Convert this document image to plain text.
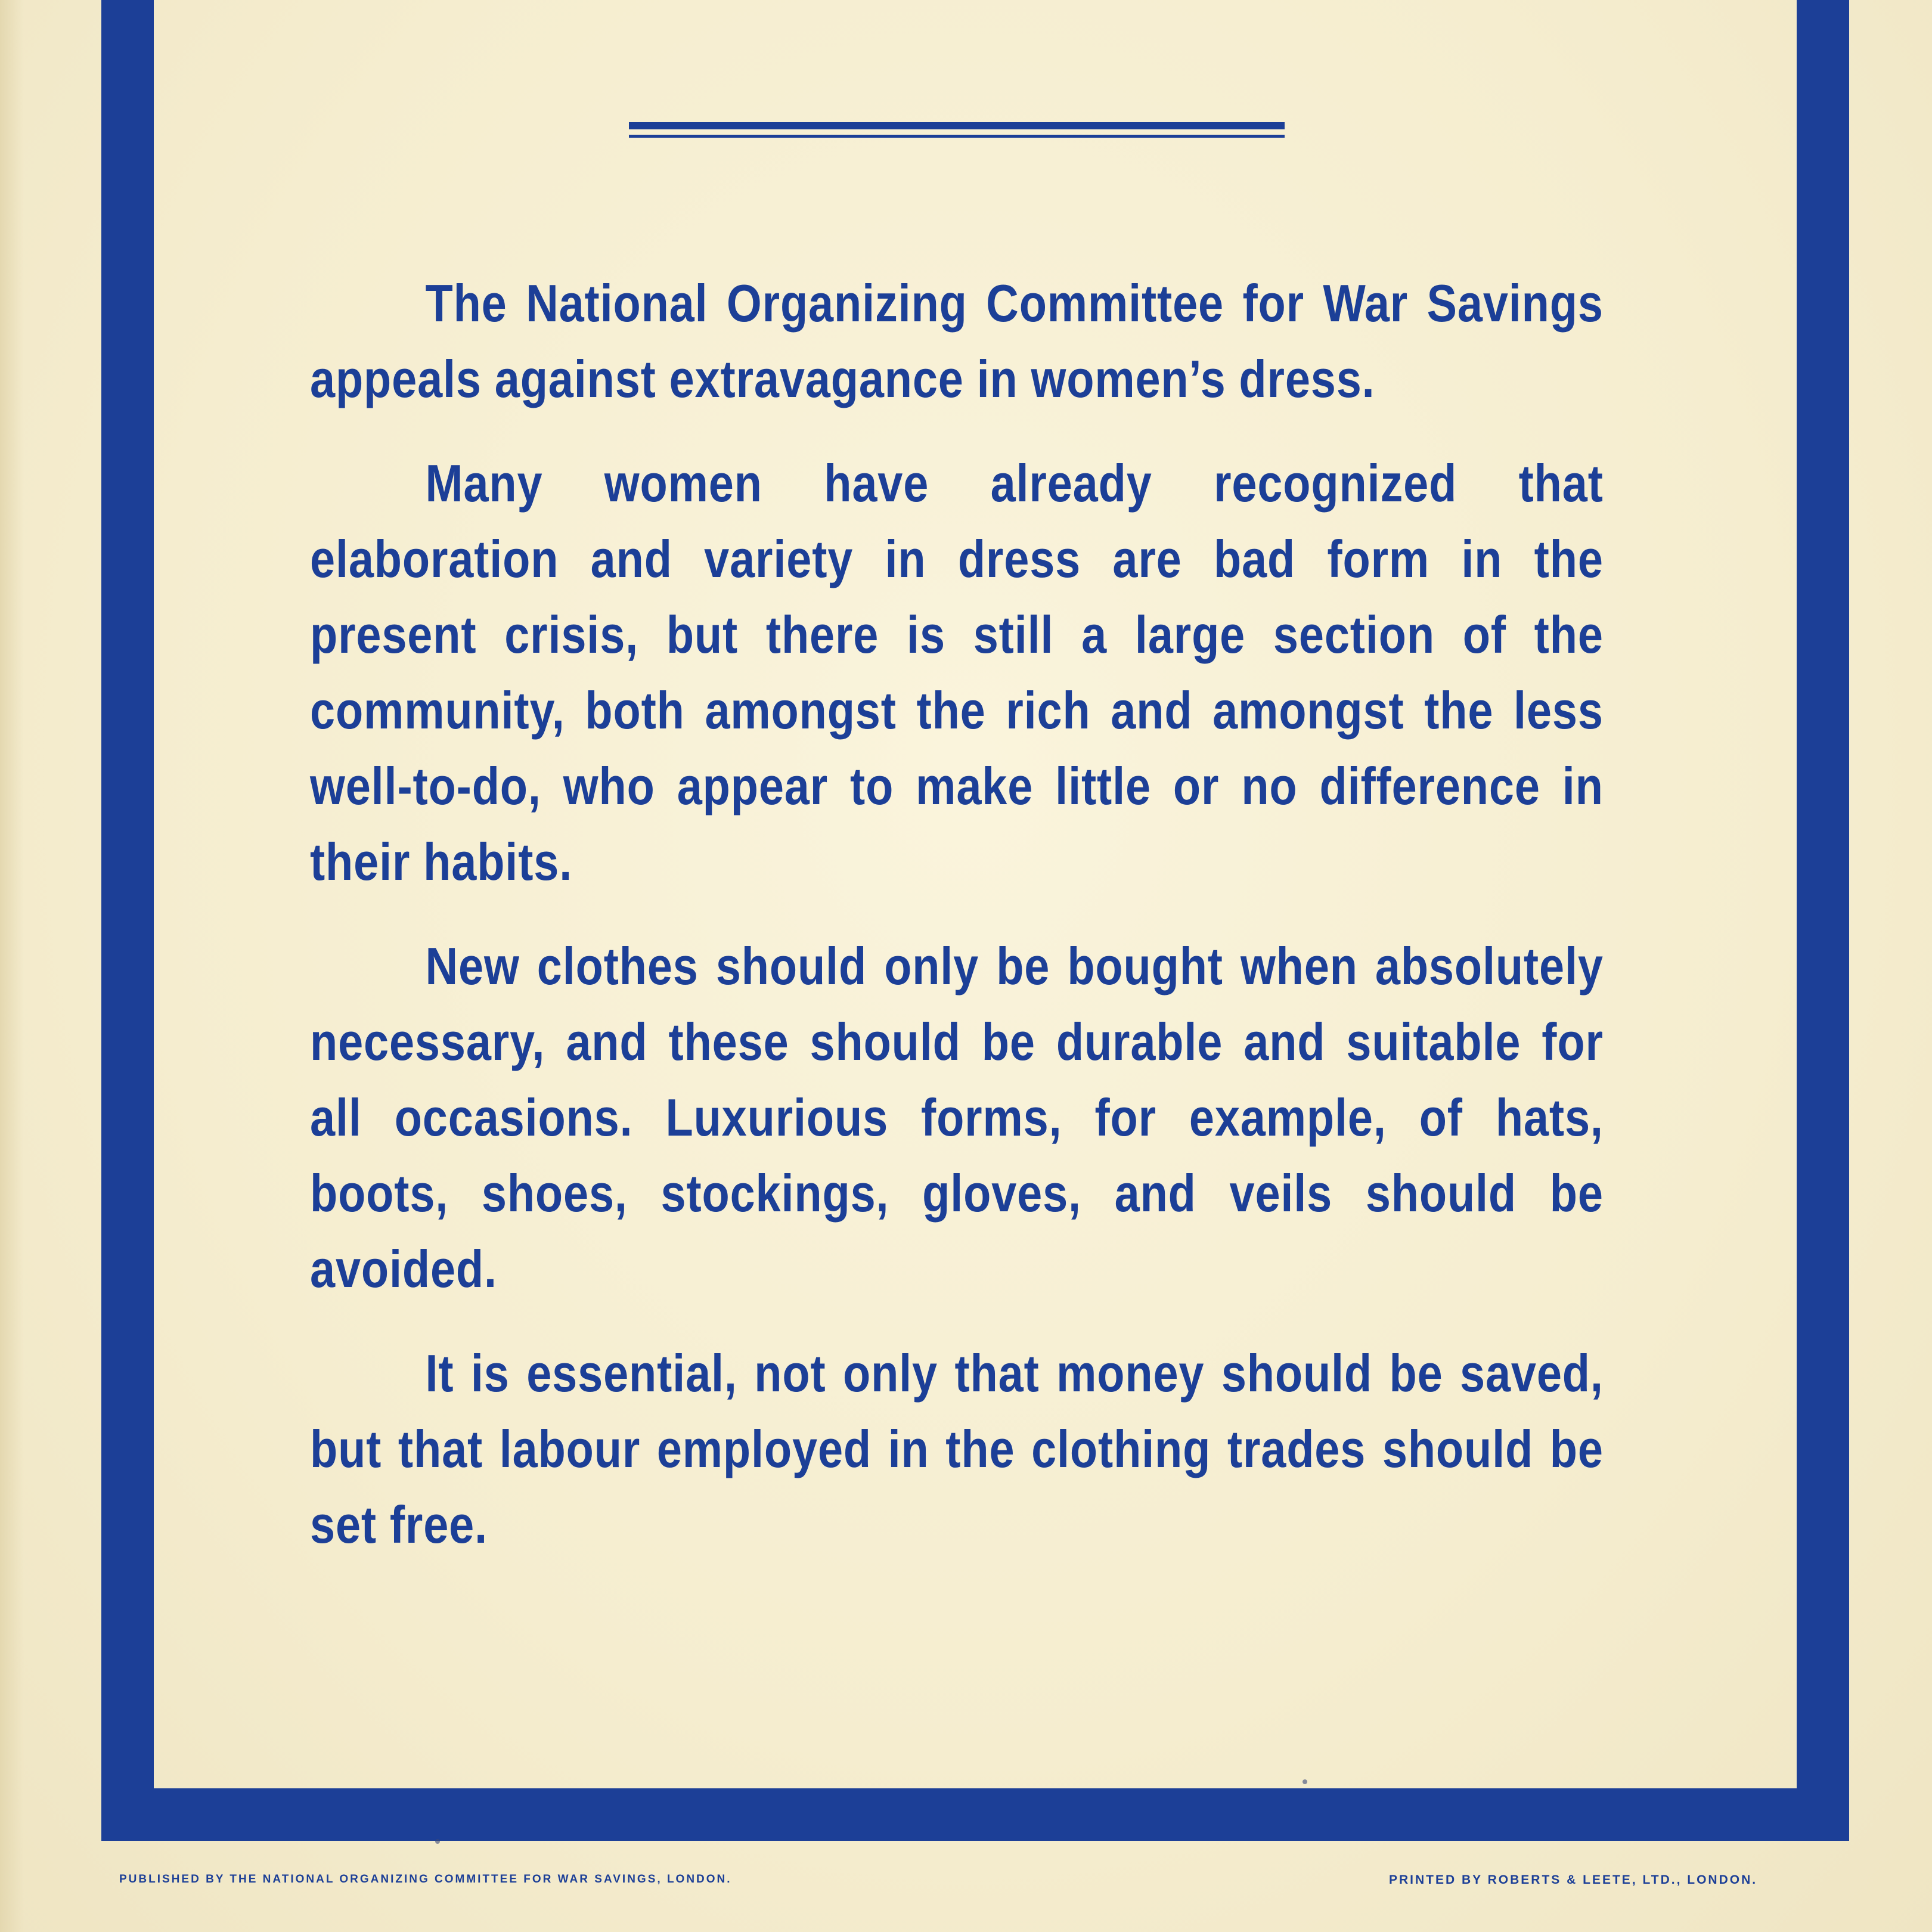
The National Organizing Committee for War Savings appeals against extravagance in women’s dress.

Many women have already recognized that elaboration and variety in dress are bad form in the present crisis, but there is still a large section of the community, both amongst the rich and amongst the less well-to-do, who appear to make little or no difference in their habits.

New clothes should only be bought when absolutely necessary, and these should be durable and suitable for all occasions. Luxurious forms, for example, of hats, boots, shoes, stockings, gloves, and veils should be avoided.

It is essential, not only that money should be saved, but that labour employed in the clothing trades should be set free.

PUBLISHED BY THE NATIONAL ORGANIZING COMMITTEE FOR WAR SAVINGS, LONDON.	PRINTED BY ROBERTS & LEETE, LTD., LONDON.
